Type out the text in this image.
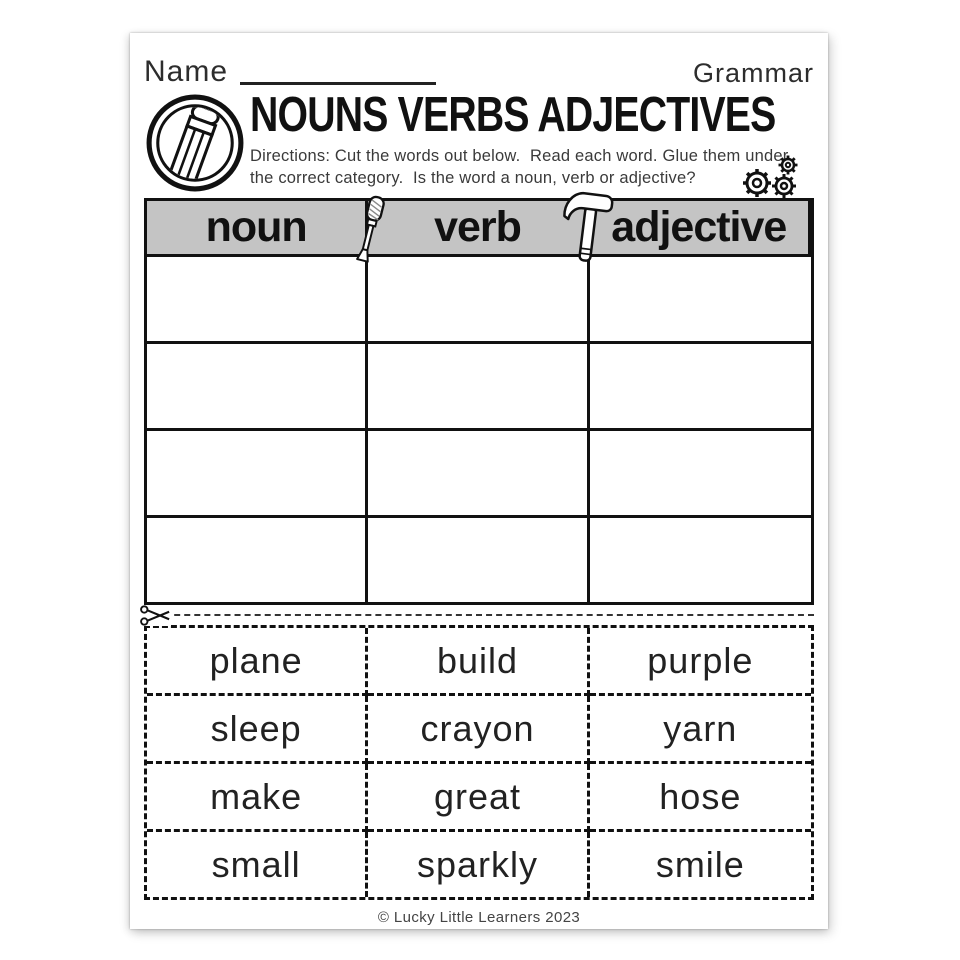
Name	Grammar
NOUNS VERBS ADJECTIVES
Directions: Cut the words out below.  Read each word. Glue them under
the correct category.  Is the word a noun, verb or adjective?
noun	verb	adjective
plane	build	purple
sleep	crayon	yarn
make	great	hose
small	sparkly	smile
© Lucky Little Learners 2023
